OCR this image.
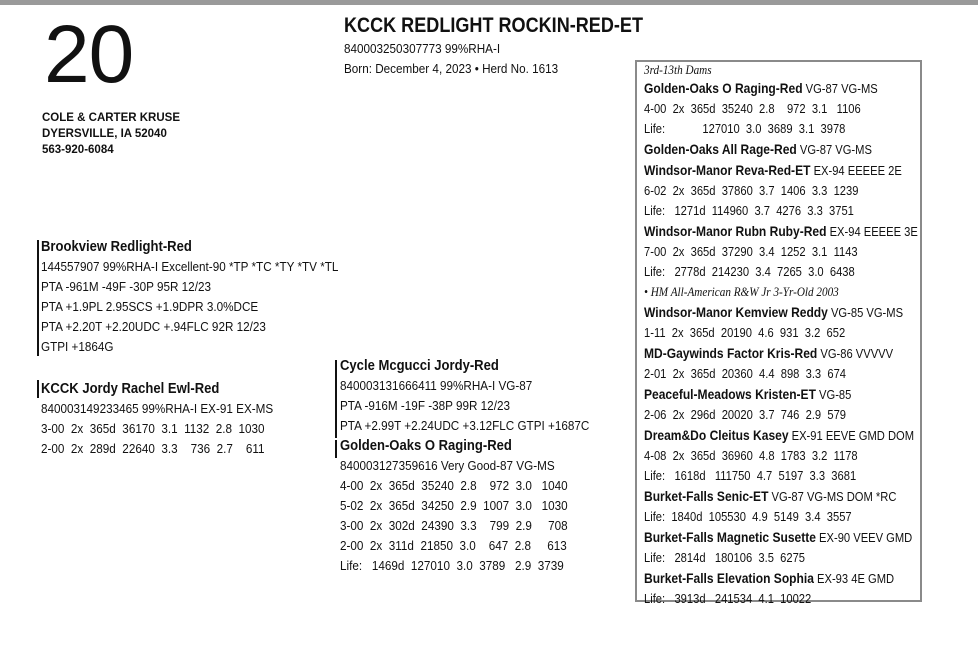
20
COLE & CARTER KRUSE
DYERSVILLE, IA 52040
563-920-6084
KCCK REDLIGHT ROCKIN-RED-ET
840003250307773 99%RHA-I
Born: December 4, 2023 • Herd No. 1613
Brookview Redlight-Red
144557907 99%RHA-I Excellent-90 *TP *TC *TY *TV *TL
PTA -961M -49F -30P 95R 12/23
PTA +1.9PL 2.95SCS +1.9DPR 3.0%DCE
PTA +2.20T +2.20UDC +.94FLC 92R 12/23
GTPI +1864G
KCCK Jordy Rachel Ewl-Red
840003149233465 99%RHA-I EX-91 EX-MS
3-00  2x  365d  36170  3.1  1132  2.8  1030
2-00  2x  289d  22640  3.3    736  2.7    611
Cycle Mcgucci Jordy-Red
840003131666411 99%RHA-I VG-87
PTA -916M -19F -38P 99R 12/23
PTA +2.99T +2.24UDC +3.12FLC GTPI +1687C
Golden-Oaks O Raging-Red
840003127359616 Very Good-87 VG-MS
4-00  2x  365d  35240  2.8    972  3.0   1040
5-02  2x  365d  34250  2.9  1007  3.0   1030
3-00  2x  302d  24390  3.3    799  2.9     708
2-00  2x  311d  21850  3.0    647  2.8     613
Life:   1469d  127010  3.0  3789   2.9  3739
3rd-13th Dams
Golden-Oaks O Raging-Red VG-87 VG-MS
4-00  2x  365d  35240  2.8    972  3.1   1106
Life:            127010  3.0  3689  3.1  3978
Golden-Oaks All Rage-Red VG-87 VG-MS
Windsor-Manor Reva-Red-ET EX-94 EEEEE 2E
6-02  2x  365d  37860  3.7  1406  3.3  1239
Life:   1271d  114960  3.7  4276  3.3  3751
Windsor-Manor Rubn Ruby-Red EX-94 EEEEE 3E
7-00  2x  365d  37290  3.4  1252  3.1  1143
Life:   2778d  214230  3.4  7265  3.0  6438
• HM All-American R&W Jr 3-Yr-Old 2003
Windsor-Manor Kemview Reddy VG-85 VG-MS
1-11  2x  365d  20190  4.6  931  3.2  652
MD-Gaywinds Factor Kris-Red VG-86 VVVVV
2-01  2x  365d  20360  4.4  898  3.3  674
Peaceful-Meadows Kristen-ET VG-85
2-06  2x  296d  20020  3.7  746  2.9  579
Dream&Do Cleitus Kasey EX-91 EEVE GMD DOM
4-08  2x  365d  36960  4.8  1783  3.2  1178
Life:   1618d   111750  4.7  5197  3.3  3681
Burket-Falls Senic-ET VG-87 VG-MS DOM *RC
Life:  1840d  105530  4.9  5149  3.4  3557
Burket-Falls Magnetic Susette EX-90 VEEV GMD
Life:   2814d   180106  3.5  6275
Burket-Falls Elevation Sophia EX-93 4E GMD
Life:   3913d   241534  4.1  10022
